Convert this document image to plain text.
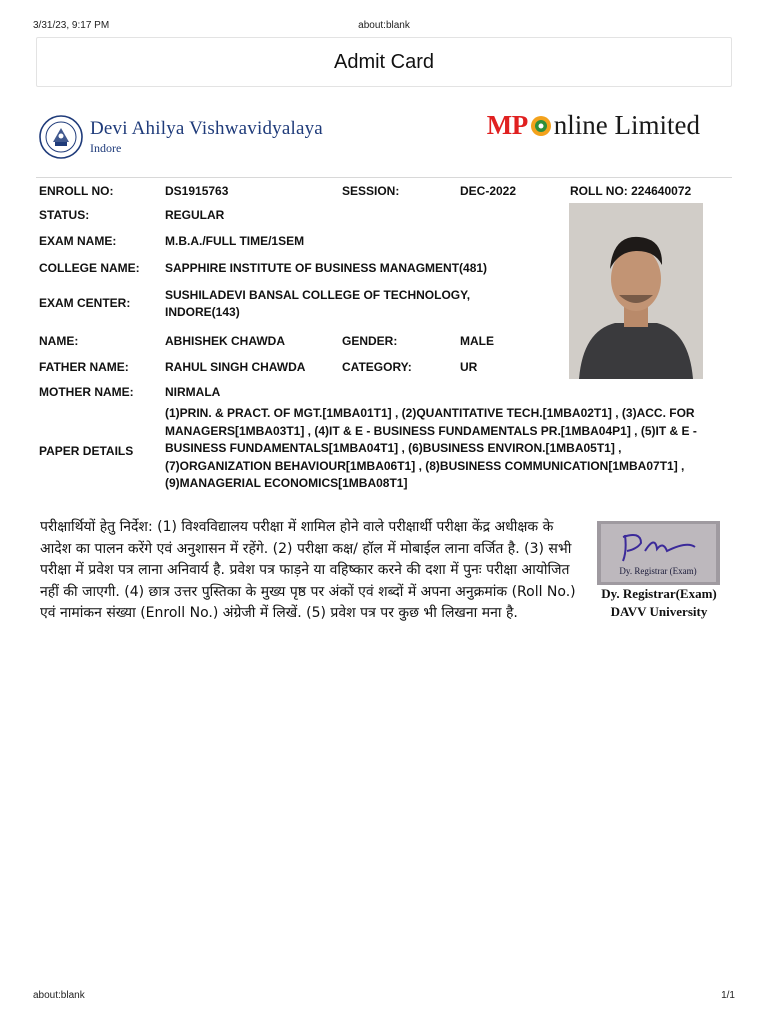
3/31/23, 9:17 PM	about:blank
Admit Card
Devi Ahilya Vishwavidyalaya
Indore
MP nline Limited
ENROLL NO:	DS1915763	SESSION:	DEC-2022	ROLL NO: 224640072
STATUS:	REGULAR
EXAM NAME:	M.B.A./FULL TIME/1SEM
COLLEGE NAME: SAPPHIRE INSTITUTE OF BUSINESS MANAGMENT(481)
EXAM CENTER:
SUSHILADEVI BANSAL COLLEGE OF TECHNOLOGY,
INDORE(143)
NAME:	ABHISHEK CHAWDA	GENDER:	MALE
FATHER NAME:	RAHUL SINGH CHAWDA	CATEGORY:	UR
MOTHER NAME:	NIRMALA
PAPER DETAILS
(1)PRIN. & PRACT. OF MGT.[1MBA01T1] , (2)QUANTITATIVE TECH.[1MBA02T1] , (3)ACC. FOR MANAGERS[1MBA03T1] , (4)IT & E - BUSINESS FUNDAMENTALS PR.[1MBA04P1] , (5)IT & E - BUSINESS FUNDAMENTALS[1MBA04T1] , (6)BUSINESS ENVIRON.[1MBA05T1] , (7)ORGANIZATION BEHAVIOUR[1MBA06T1] , (8)BUSINESS COMMUNICATION[1MBA07T1] , (9)MANAGERIAL ECONOMICS[1MBA08T1]
परीक्षार्थियों हेतु निर्देश: (1) विश्वविद्यालय परीक्षा में शामिल होने वाले परीक्षार्थी परीक्षा केंद्र अधीक्षक के आदेश का पालन करेंगे एवं अनुशासन में रहेंगे. (2) परीक्षा कक्ष/ हॉल में मोबाईल लाना वर्जित है. (3) सभी परीक्षा में प्रवेश पत्र लाना अनिवार्य है. प्रवेश पत्र फाड़ने या वहिष्कार करने की दशा में पुनः परीक्षा आयोजित नहीं की जाएगी. (4) छात्र उत्तर पुस्तिका के मुख्य पृष्ठ पर अंकों एवं शब्दों में अपना अनुक्रमांक (Roll No.) एवं नामांकन संख्या (Enroll No.) अंग्रेजी में लिखें. (5) प्रवेश पत्र पर कुछ भी लिखना मना है.
Dy. Registrar (Exam)
Dy. Registrar(Exam)
DAVV University
about:blank	1/1
